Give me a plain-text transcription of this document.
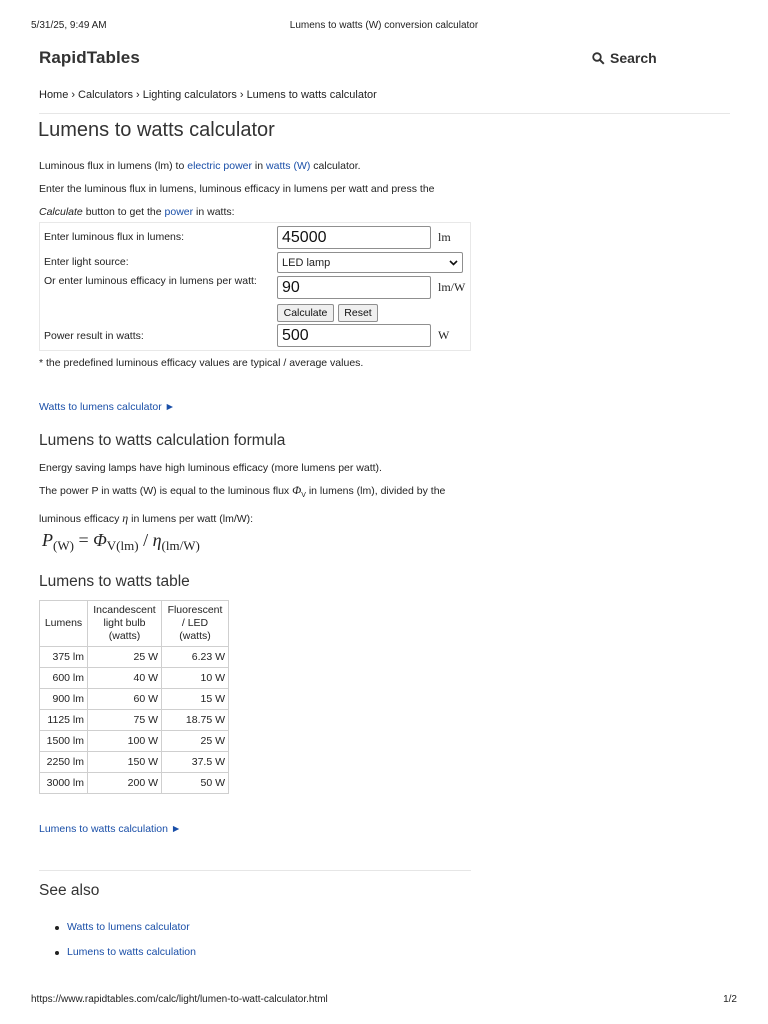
5/31/25, 9:49 AM	Lumens to watts (W) conversion calculator
RapidTables	Search
Home › Calculators › Lighting calculators › Lumens to watts calculator
Lumens to watts calculator
Luminous flux in lumens (lm) to electric power in watts (W) calculator.
Enter the luminous flux in lumens, luminous efficacy in lumens per watt and press the
Calculate button to get the power in watts:
Enter luminous flux in lumens:
45000	lm
Enter light source:	LED lamp
Or enter luminous efficacy in lumens per watt:
90	lm/W
Calculate	Reset
Power result in watts:
500	W
* the predefined luminous efficacy values are typical / average values.
Watts to lumens calculator ►
Lumens to watts calculation formula
Energy saving lamps have high luminous efficacy (more lumens per watt).
The power P in watts (W) is equal to the luminous flux $\Phi_V$ in lumens (lm), divided by the
luminous efficacy η in lumens per watt (lm/W):
$P_{(W)} = \Phi_{V(lm)} / \eta_{(lm/W)}$
Lumens to watts table
Lumens	Incandescent light bulb (watts)	Fluorescent / LED (watts)
375 lm	25 W	6.23 W
600 lm	40 W	10 W
900 lm	60 W	15 W
1125 lm	75 W	18.75 W
1500 lm	100 W	25 W
2250 lm	150 W	37.5 W
3000 lm	200 W	50 W
Lumens to watts calculation ►
See also
Watts to lumens calculator
Lumens to watts calculation
https://www.rapidtables.com/calc/light/lumen-to-watt-calculator.html	1/2
